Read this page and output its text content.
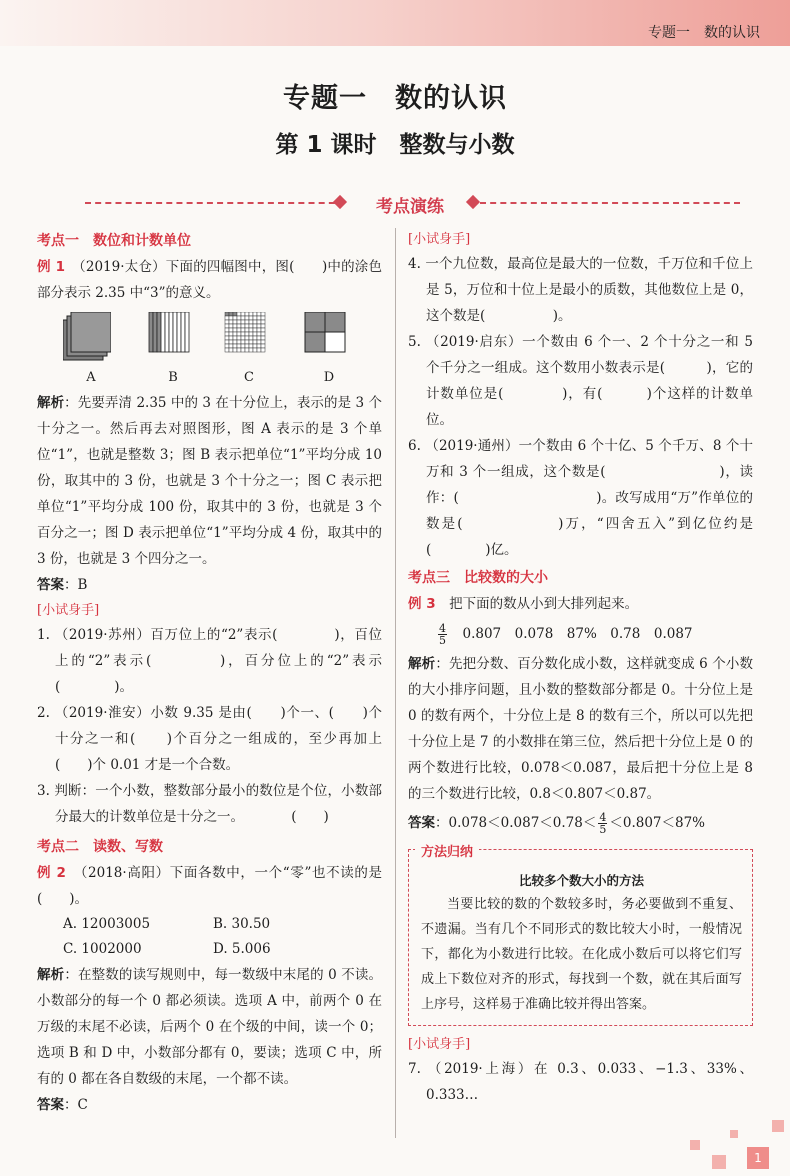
专题一　数的认识
专题一　数的认识
第 1 课时　整数与小数
考点演练
考点一　数位和计数单位

例 1　 （2019·太仓）下面的四幅图中，图(　　)中的涂色部分表示 2.35 中“3”的意义。

A	B	C	D

解析：先要弄清 2.35 中的 3 在十分位上，表示的是 3 个十分之一。然后再去对照图形，图 A 表示的是 3 个单位“1”，也就是整数 3；图 B 表示把单位“1”平均分成 10 份，取其中的 3 份，也就是 3 个十分之一；图 C 表示把单位“1”平均分成 100 份，取其中的 3 份，也就是 3 个百分之一；图 D 表示把单位“1”平均分成 4 份，取其中的 3 份，也就是 3 个四分之一。

答案：B

[小试身手]

1. （2019·苏州）百万位上的“2”表示(　　　　)，百位上的“2”表示(　　　　)，百分位上的“2”表示(　　　　)。

2. （2019·淮安）小数 9.35 是由(　　)个一、(　　)个十分之一和(　　)个百分之一组成的，至少再加上(　　)个 0.01 才是一个合数。

3. 判断：一个小数，整数部分最小的数位是个位，小数部分最大的计数单位是十分之一。　　　　(　　)

考点二　读数、写数

例 2　 （2018·高阳）下面各数中，一个“零”也不读的是(　　)。

A. 12003005	B. 30.50
C. 1002000	D. 5.006

解析：在整数的读写规则中，每一数级中末尾的 0 不读。小数部分的每一个 0 都必须读。选项 A 中，前两个 0 在万级的末尾不必读，后两个 0 在个级的中间，读一个 0；选项 B 和 D 中，小数部分都有 0，要读；选项 C 中，所有的 0 都在各自数级的末尾，一个都不读。

答案：C

[小试身手]

4. 一个九位数，最高位是最大的一位数，千万位和千位上是 5，万位和十位上是最小的质数，其他数位上是 0，这个数是(　　　　　)。

5. （2019·启东）一个数由 6 个一、2 个十分之一和 5 个千分之一组成。这个数用小数表示是(　　　)，它的计数单位是(　　　　)，有(　　　)个这样的计数单位。

6. （2019·通州）一个数由 6 个十亿、5 个千万、8 个十万和 3 个一组成，这个数是(　　　　　　　　)，读作：(　　　　　　　　　　)。改写成用“万”作单位的数是(　　　　　　)万，“四舍五入”到亿位约是(　　　　)亿。

考点三　比较数的大小

例 3　 把下面的数从小到大排列起来。

$\frac{4}{5}$
　 0.807　0.078　87%　0.78　0.087

解析：先把分数、百分数化成小数，这样就变成 6 个小数的大小排序问题，且小数的整数部分都是 0。十分位上是 0 的数有两个，十分位上是 8 的数有三个，所以可以先把十分位上是 7 的小数排在第三位，然后把十分位上是 0 的两个数进行比较，0.078＜0.087，最后把十分位上是 8 的三个数进行比较，0.8＜0.807＜0.87。

答案：$0.078<0.087<0.78< \frac{4}{5} <0.807<87\%$

方法归纳
比较多个数大小的方法

当要比较的数的个数较多时，务必要做到不重复、不遗漏。当有几个不同形式的数比较大小时，一般情况下，都化为小数进行比较。在化成小数后可以将它们写成上下数位对齐的形式，每找到一个数，就在其后面写上序号，这样易于准确比较并得出答案。

[小试身手]

7. （2019·上海）在 0.3、0.033、−1.3、33%、0.333…

1
